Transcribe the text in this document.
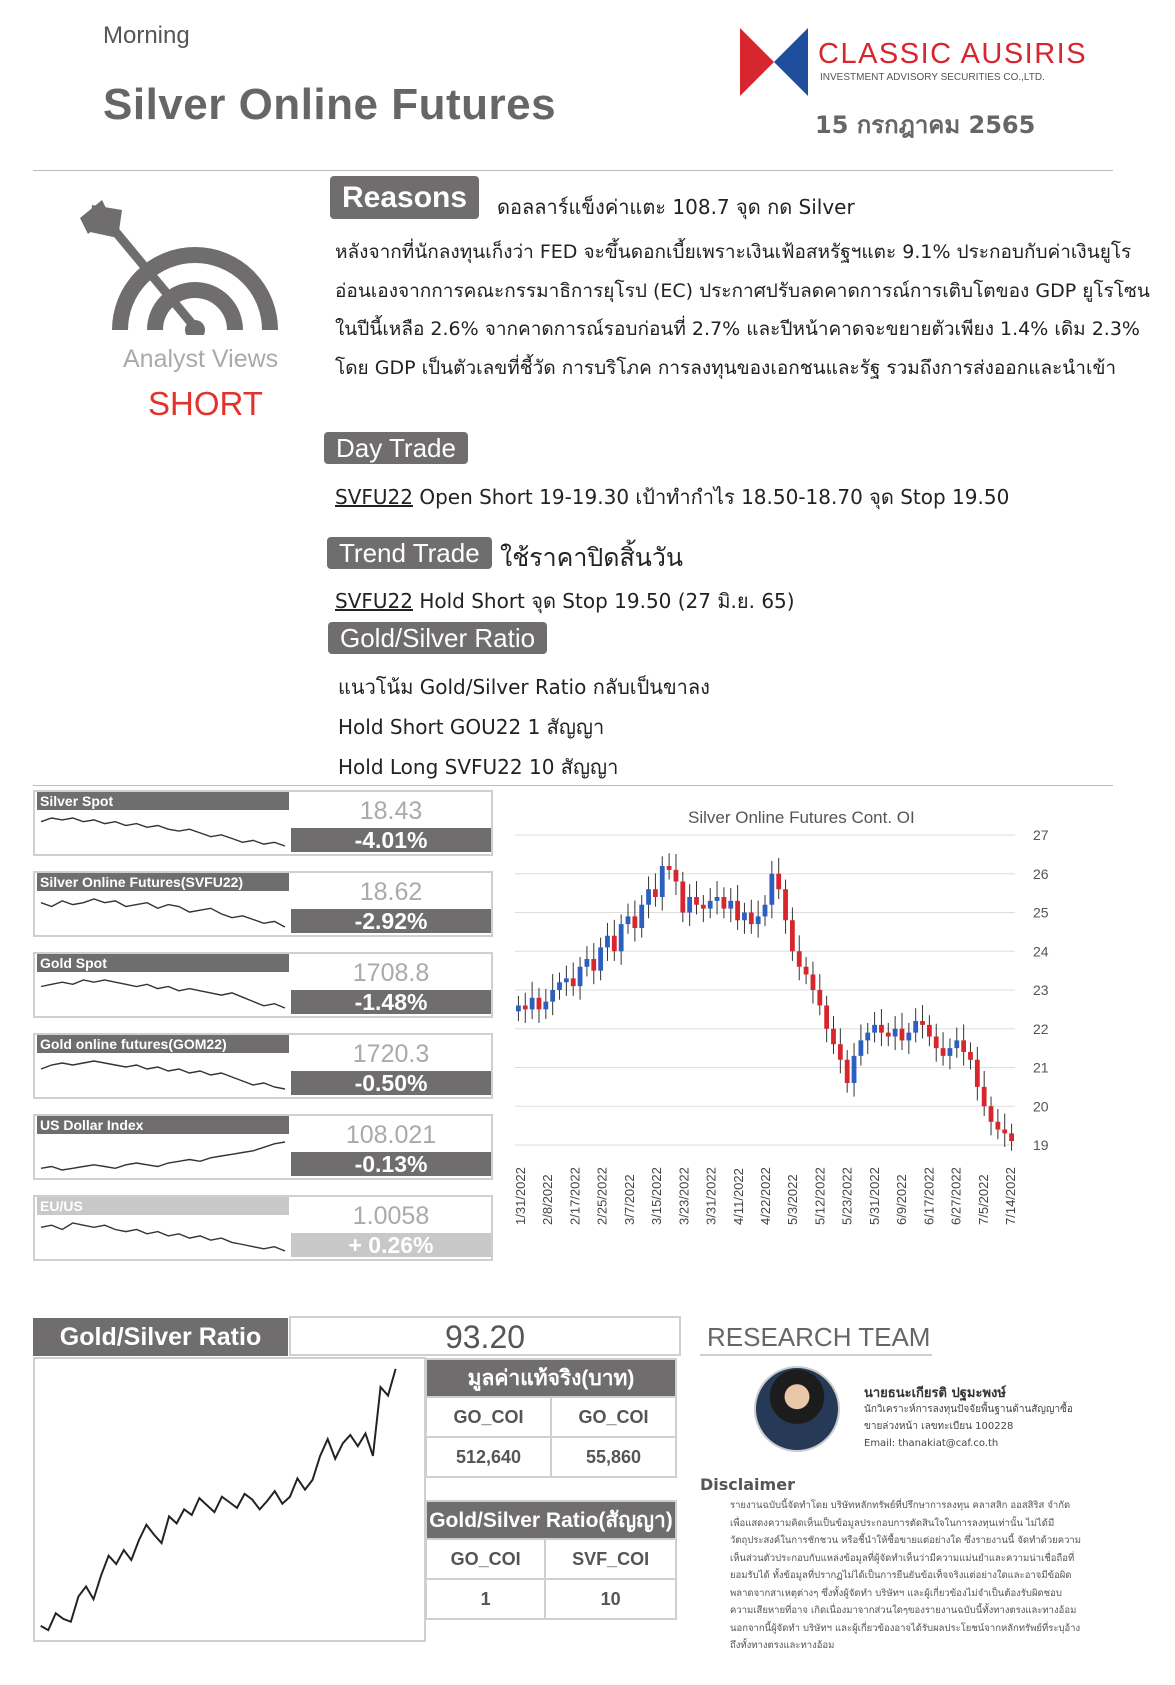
Morning
Silver Online Futures
CLASSIC AUSIRIS
INVESTMENT ADVISORY SECURITIES CO.,LTD.
15 กรกฎาคม 2565
Analyst Views
SHORT
Reasons	ดอลลาร์แข็งค่าแตะ 108.7 จุด กด Silver
หลังจากที่นักลงทุนเก็งว่า FED จะขึ้นดอกเบี้ยเพราะเงินเฟ้อสหรัฐฯแตะ 9.1% ประกอบกับค่าเงินยูโรอ่อนเองจากการคณะกรรมาธิการยุโรป (EC) ประกาศปรับลดคาดการณ์การเติบโตของ GDP ยูโรโซนในปีนี้เหลือ 2.6% จากคาดการณ์รอบก่อนที่ 2.7% และปีหน้าคาดจะขยายตัวเพียง 1.4% เดิม 2.3% โดย GDP เป็นตัวเลขที่ชี้วัด การบริโภค การลงทุนของเอกชนและรัฐ รวมถึงการส่งออกและนำเข้า
Day Trade
SVFU22 Open Short 19-19.30 เป้าทำกำไร 18.50-18.70 จุด Stop 19.50
Trend Trade ใช้ราคาปิดสิ้นวัน
SVFU22 Hold Short จุด Stop 19.50 (27 มิ.ย. 65)
Gold/Silver Ratio
แนวโน้ม Gold/Silver Ratio กลับเป็นขาลง
Hold Short GOU22 1 สัญญา
Hold Long SVFU22 10 สัญญา
Silver Spot	18.43
-4.01%
Silver Online Futures(SVFU22)	18.62
-2.92%
Gold Spot	1708.8
-1.48%
Gold online futures(GOM22)	1720.3
-0.50%
US Dollar Index	108.021
-0.13%
EU/US	1.0058
+ 0.26%
Silver Online Futures Cont. OI
27
26
25
24
23
22
21
20
19
1/31/2022 2/8/2022 2/17/2022 2/25/2022 3/7/2022 3/15/2022 3/23/2022 3/31/2022 4/11/2022 4/22/2022 5/3/2022 5/12/2022 5/23/2022 5/31/2022 6/9/2022 6/17/2022 6/27/2022 7/5/2022 7/14/2022
Gold/Silver Ratio	93.20	RESEARCH TEAM
มูลค่าแท้จริง(บาท)	
GO_COI	GO_COI
512,640	55,860
Gold/Silver Ratio(สัญญา)	
GO_COI	SVF_COI
1	10
นายธนะเกียรติ ปฐมะพงษ์
นักวิเคราะห์การลงทุนปัจจัยพื้นฐานด้านสัญญาซื้อขายล่วงหน้า เลขทะเบียน 100228
Email: thanakiat@caf.co.th
Disclaimer
รายงานฉบับนี้จัดทำโดย บริษัทหลักทรัพย์ที่ปรึกษาการลงทุน คลาสสิก ออสสิริส จำกัด เพื่อแสดงความคิดเห็นเป็นข้อมูลประกอบการตัดสินใจในการลงทุนเท่านั้น ไม่ได้มีวัตถุประสงค์ในการชักชวน หรือชี้นำให้ซื้อขายแต่อย่างใด ซึ่งรายงานนี้ จัดทำด้วยความเห็นส่วนตัวประกอบกับแหล่งข้อมูลที่ผู้จัดทำเห็นว่ามีความแม่นยำและความน่าเชื่อถือที่ยอมรับได้ ทั้งข้อมูลที่ปรากฏไม่ได้เป็นการยืนยันข้อเท็จจริงแต่อย่างใดและอาจมีข้อผิดพลาดจากสาเหตุต่างๆ ซึ่งทั้งผู้จัดทำ บริษัทฯ และผู้เกี่ยวข้องไม่จำเป็นต้องรับผิดชอบความเสียหายที่อาจ เกิดเนื่องมาจากส่วนใดๆของรายงานฉบับนี้ทั้งทางตรงและทางอ้อม นอกจากนี้ผู้จัดทำ บริษัทฯ และผู้เกี่ยวข้องอาจได้รับผลประโยชน์จากหลักทรัพย์ที่ระบุอ้างถึงทั้งทางตรงและทางอ้อม
